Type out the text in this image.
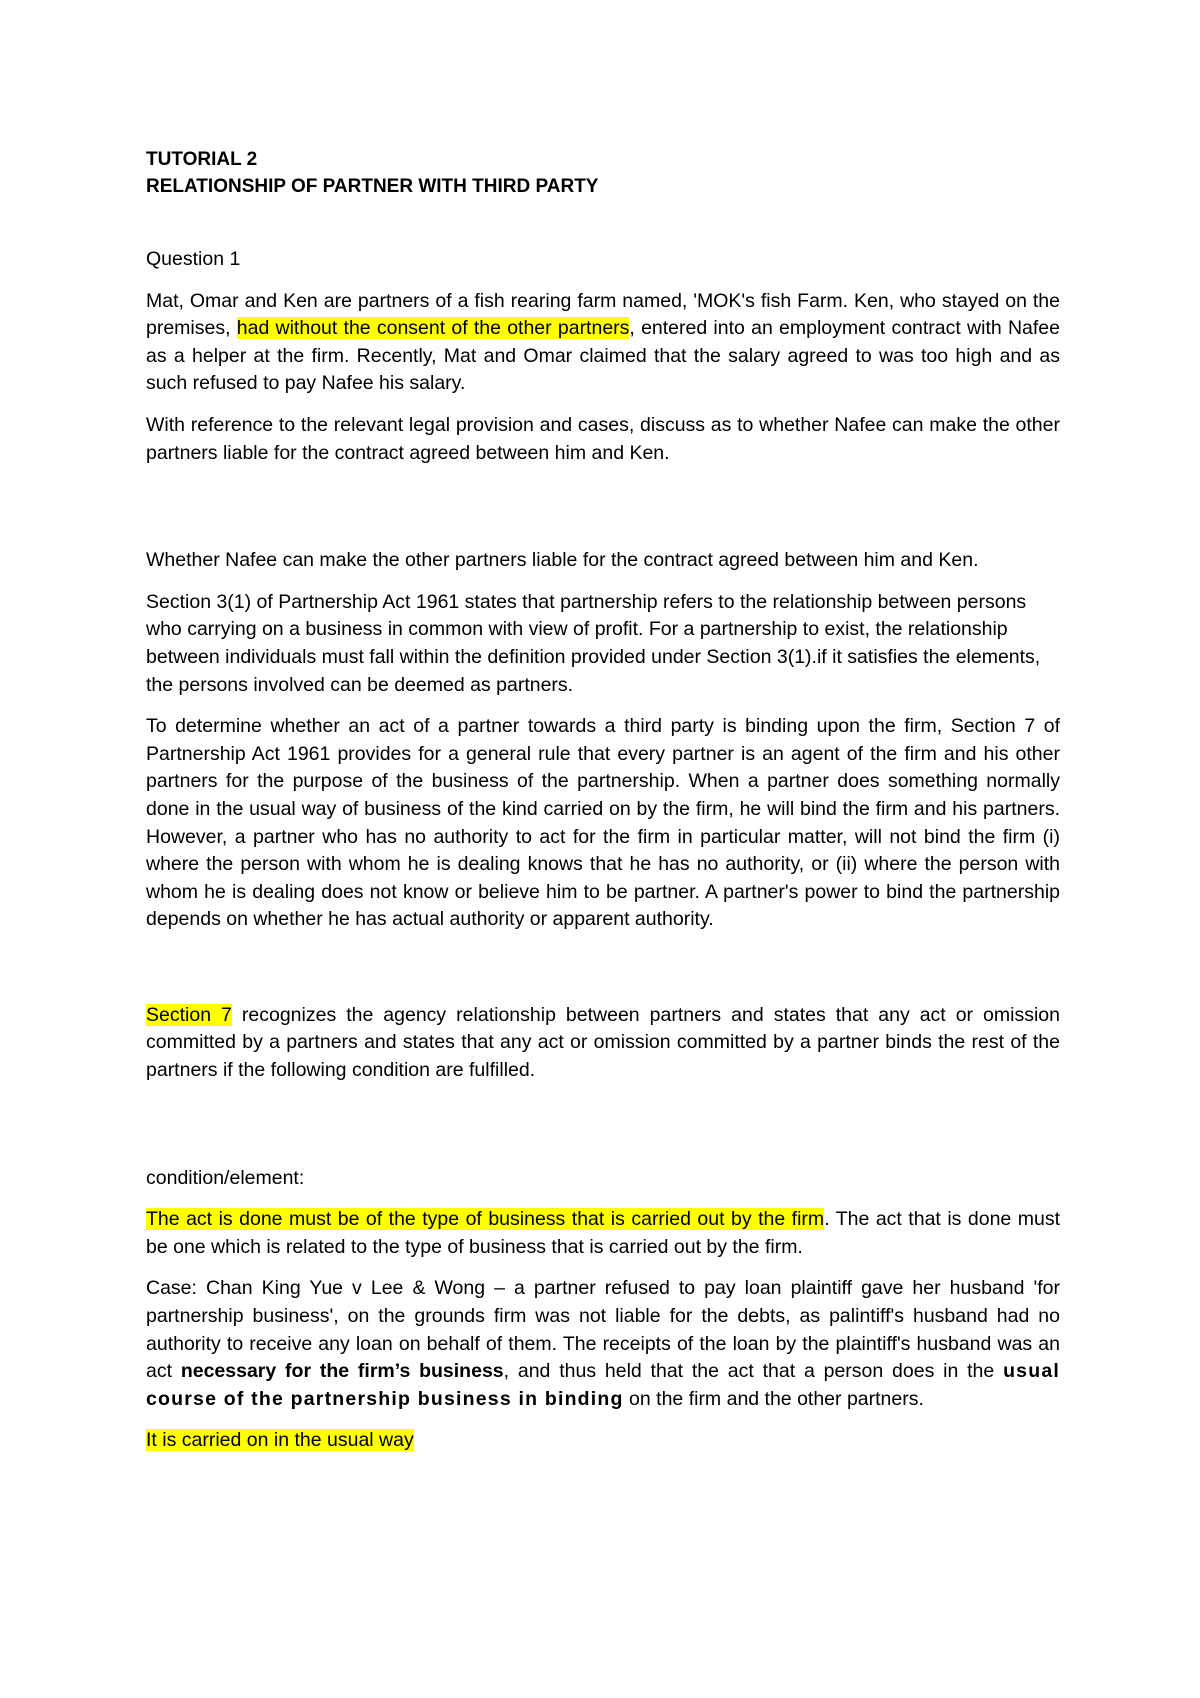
TUTORIAL 2
RELATIONSHIP OF PARTNER WITH THIRD PARTY

Question 1

Mat, Omar and Ken are partners of a fish rearing farm named, 'MOK's fish Farm. Ken, who stayed on the premises, had without the consent of the other partners, entered into an employment contract with Nafee as a helper at the firm. Recently, Mat and Omar claimed that the salary agreed to was too high and as such refused to pay Nafee his salary.

With reference to the relevant legal provision and cases, discuss as to whether Nafee can make the other partners liable for the contract agreed between him and Ken.

Whether Nafee can make the other partners liable for the contract agreed between him and Ken.

Section 3(1) of Partnership Act 1961 states that partnership refers to the relationship between persons who carrying on a business in common with view of profit. For a partnership to exist, the relationship between individuals must fall within the definition provided under Section 3(1).if it satisfies the elements, the persons involved can be deemed as partners.

To determine whether an act of a partner towards a third party is binding upon the firm, Section 7 of Partnership Act 1961 provides for a general rule that every partner is an agent of the firm and his other partners for the purpose of the business of the partnership. When a partner does something normally done in the usual way of business of the kind carried on by the firm, he will bind the firm and his partners. However, a partner who has no authority to act for the firm in particular matter, will not bind the firm (i) where the person with whom he is dealing knows that he has no authority, or (ii) where the person with whom he is dealing does not know or believe him to be partner. A partner's power to bind the partnership depends on whether he has actual authority or apparent authority.

Section 7 recognizes the agency relationship between partners and states that any act or omission committed by a partners and states that any act or omission committed by a partner binds the rest of the partners if the following condition are fulfilled.

condition/element:

The act is done must be of the type of business that is carried out by the firm. The act that is done must be one which is related to the type of business that is carried out by the firm.

Case: Chan King Yue v Lee & Wong – a partner refused to pay loan plaintiff gave her husband 'for partnership business', on the grounds firm was not liable for the debts, as palintiff's husband had no authority to receive any loan on behalf of them. The receipts of the loan by the plaintiff's husband was an act necessary for the firm’s business, and thus held that the act that a person does in the usual course of the partnership business in binding on the firm and the other partners.

It is carried on in the usual way
